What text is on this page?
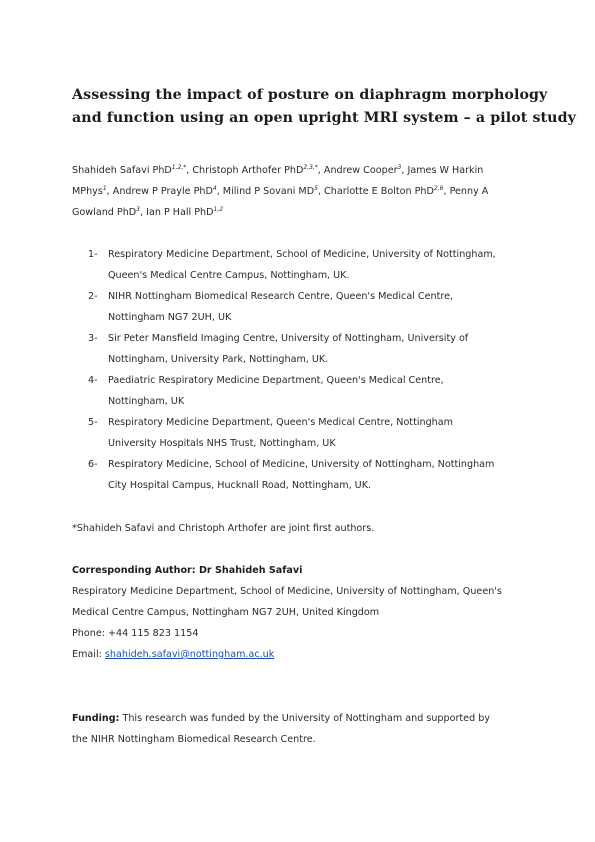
Assessing the impact of posture on diaphragm morphology
and function using an open upright MRI system – a pilot study
Shahideh Safavi PhD$^{1,2,*}$, Christoph Arthofer PhD$^{2,3,*}$, Andrew Cooper$^3$, James W Harkin
MPhys$^1$, Andrew P Prayle PhD$^4$, Milind P Sovani $MD^5$, Charlotte E Bolton PhD$^{2,6}$, Penny A
Gowland PhD$^3$, Ian P Hall PhD$^{1,2}$
1- Respiratory Medicine Department, School of Medicine, University of Nottingham,
Queen's Medical Centre Campus, Nottingham, UK.
2- NIHR Nottingham Biomedical Research Centre, Queen's Medical Centre,
Nottingham NG7 2UH, UK
3- Sir Peter Mansfield Imaging Centre, University of Nottingham, University of
Nottingham, University Park, Nottingham, UK.
4- Paediatric Respiratory Medicine Department, Queen's Medical Centre,
Nottingham, UK
5- Respiratory Medicine Department, Queen's Medical Centre, Nottingham
University Hospitals NHS Trust, Nottingham, UK
6- Respiratory Medicine, School of Medicine, University of Nottingham, Nottingham
City Hospital Campus, Hucknall Road, Nottingham, UK.
*Shahideh Safavi and Christoph Arthofer are joint first authors.
Corresponding Author: Dr Shahideh Safavi
Respiratory Medicine Department, School of Medicine, University of Nottingham, Queen's
Medical Centre Campus, Nottingham NG7 2UH, United Kingdom
Phone: +44 115 823 1154
Email: shahideh.safavi@nottingham.ac.uk
Funding: This research was funded by the University of Nottingham and supported by
the NIHR Nottingham Biomedical Research Centre.
